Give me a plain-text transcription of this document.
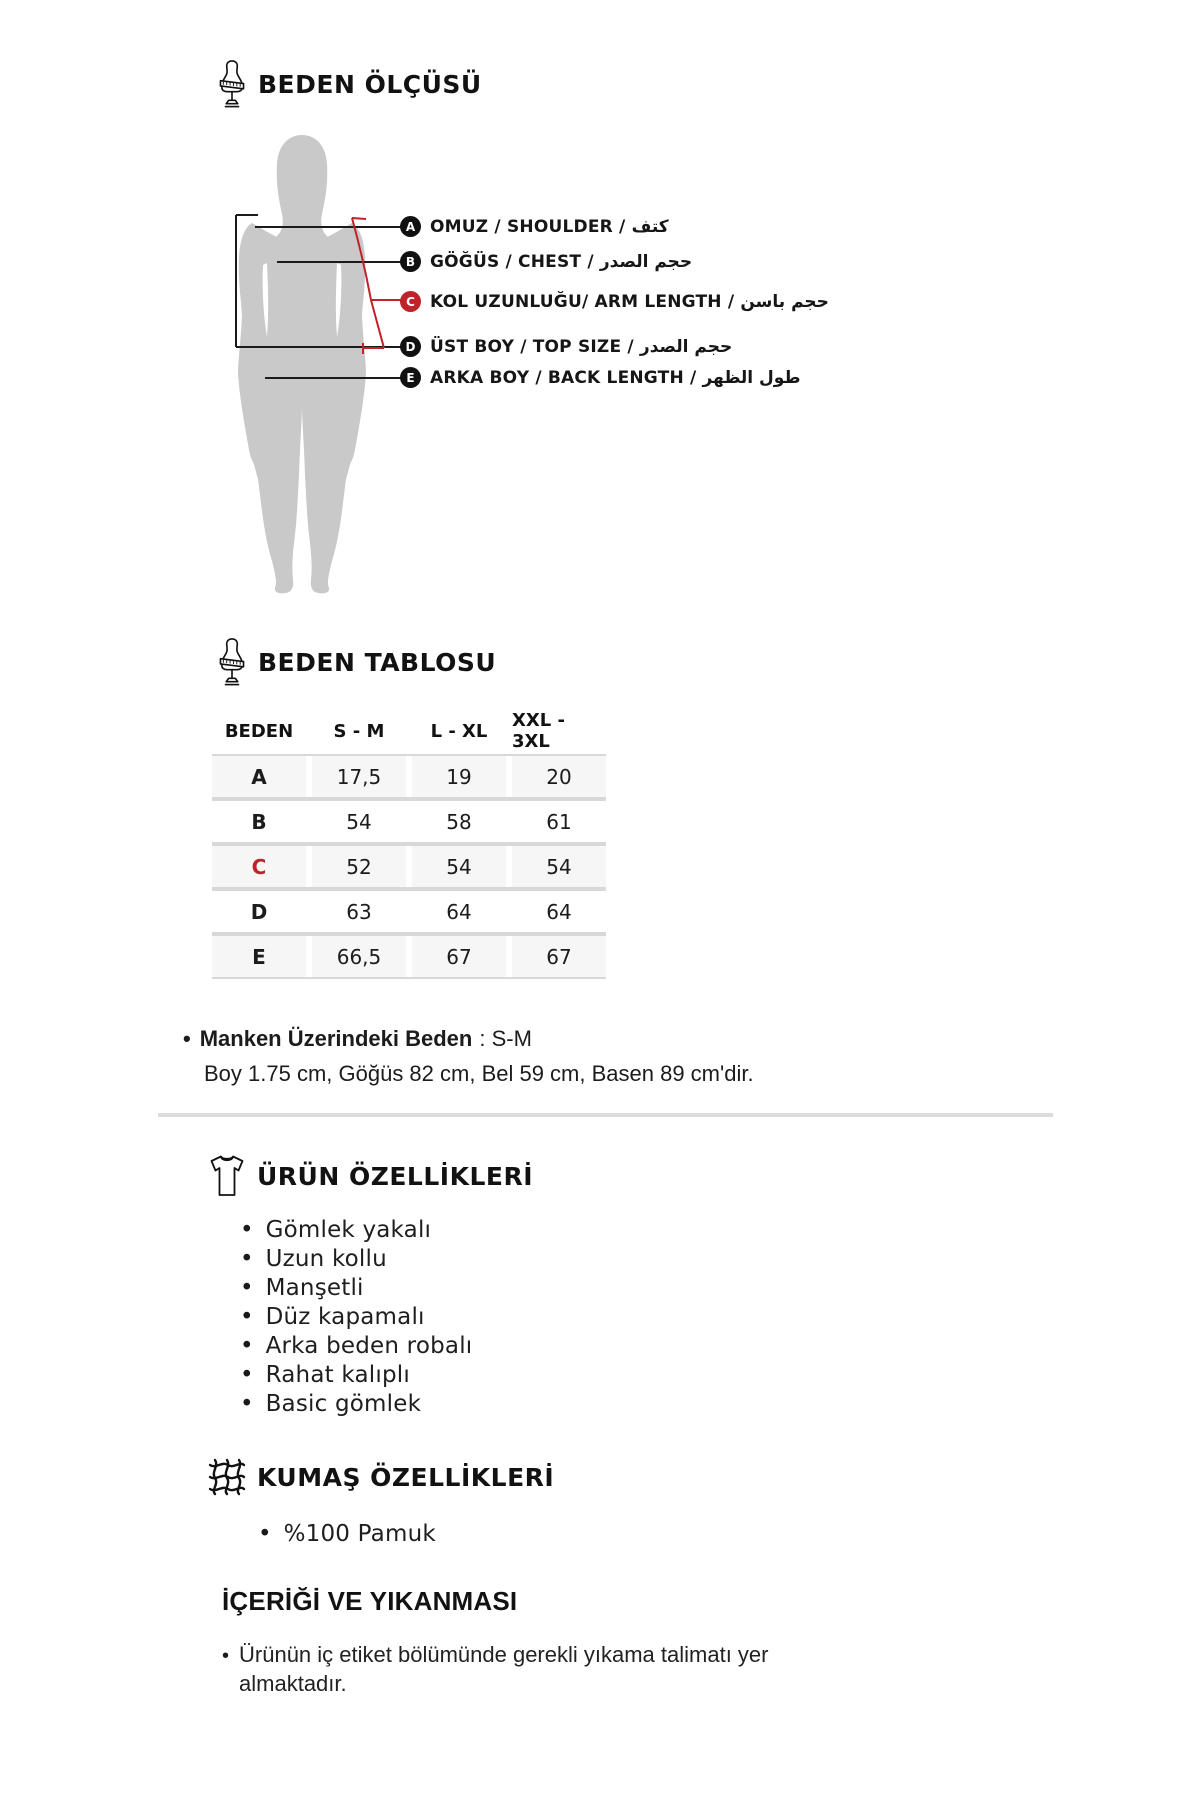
BEDEN ÖLÇÜSÜ
A OMUZ / SHOULDER / كتف
B GÖĞÜS / CHEST / حجم الصدر
C KOL UZUNLUĞU/ ARM LENGTH / حجم باسن
D ÜST BOY / TOP SIZE / حجم الصدر
E ARKA BOY / BACK LENGTH / طول الظهر
BEDEN TABLOSU
BEDEN	S - M	L - XL	XXL - 3XL
A	17,5	19	20
B	54	58	61
C	52	54	54
D	63	64	64
E	66,5	67	67
• Manken Üzerindeki Beden : S-M
Boy 1.75 cm, Göğüs 82 cm, Bel 59 cm, Basen 89 cm'dir.
ÜRÜN ÖZELLİKLERİ
• Gömlek yakalı
• Uzun kollu
• Manşetli
• Düz kapamalı
• Arka beden robalı
• Rahat kalıplı
• Basic gömlek
KUMAŞ ÖZELLİKLERİ
• %100 Pamuk
İÇERİĞİ VE YIKANMASI
• Ürünün iç etiket bölümünde gerekli yıkama talimatı yer almaktadır.
